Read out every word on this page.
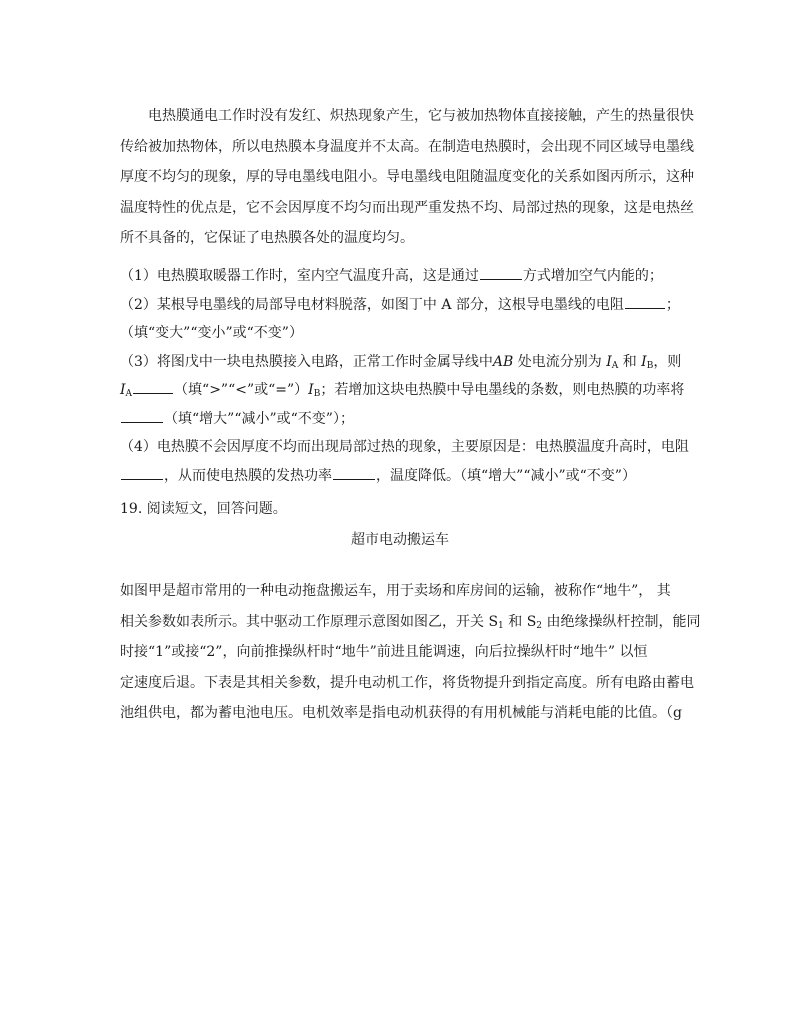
电热膜通电工作时没有发红、炽热现象产生，它与被加热物体直接接触，产生的热量很快
传给被加热物体，所以电热膜本身温度并不太高。在制造电热膜时，会出现不同区域导电墨线
厚度不均匀的现象，厚的导电墨线电阻小。导电墨线电阻随温度变化的关系如图丙所示，这种
温度特性的优点是，它不会因厚度不均匀而出现严重发热不均、局部过热的现象，这是电热丝
所不具备的，它保证了电热膜各处的温度均匀。
（1）电热膜取暖器工作时，室内空气温度升高，这是通过	方式增加空气内能的；
（2）某根导电墨线的局部导电材料脱落，如图丁中 A 部分，这根导电墨线的电阻	；
（填“变大”“变小”或“不变”）
（3）将图戊中一块电热膜接入电路，正常工作时金属导线中AB 处电流分别为 $I_A$ 和 $I_B$，则
$I_A$	（填“>”“<”或“$=”)I_B$；若增加这块电热膜中导电墨线的条数，则电热膜的功率将
（填“增大”“减小”或“不变”）；
（4）电热膜不会因厚度不均而出现局部过热的现象，主要原因是：电热膜温度升高时，电阻
，从而使电热膜的发热功率	，温度降低。（填“增大”“减小”或“不变”）

19. 阅读短文，回答问题。

超市电动搬运车

如图甲是超市常用的一种电动拖盘搬运车，用于卖场和库房间的运输，被称作“地牛”， 其
相关参数如表所示。其中驱动工作原理示意图如图乙，开关 $S_1$ 和 $S_2$ 由绝缘操纵杆控制，能同
时接“1”或接“2”，向前推操纵杆时“地牛”前进且能调速，向后拉操纵杆时“地牛” 以恒
定速度后退。下表是其相关参数，提升电动机工作，将货物提升到指定高度。所有电路由蓄电
池组供电，都为蓄电池电压。电机效率是指电动机获得的有用机械能与消耗电能的比值。（g
